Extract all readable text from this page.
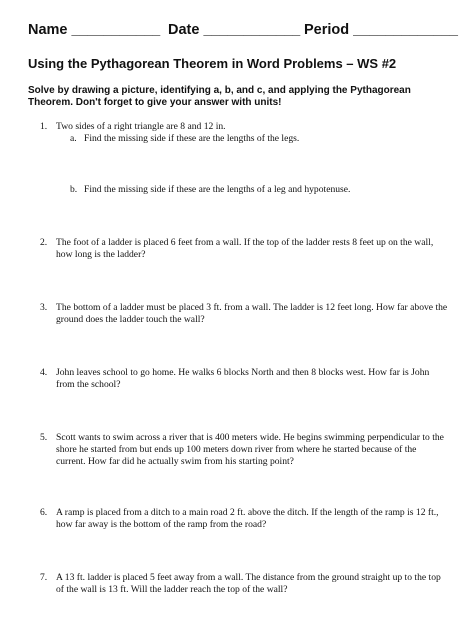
Name ___________ Date ____________ Period _____________
Using the Pythagorean Theorem in Word Problems – WS #2
Solve by drawing a picture, identifying a, b, and c, and applying the Pythagorean Theorem. Don't forget to give your answer with units!
1. Two sides of a right triangle are 8 and 12 in.
a. Find the missing side if these are the lengths of the legs.
b. Find the missing side if these are the lengths of a leg and hypotenuse.
2. The foot of a ladder is placed 6 feet from a wall. If the top of the ladder rests 8 feet up on the wall, how long is the ladder?
3. The bottom of a ladder must be placed 3 ft. from a wall. The ladder is 12 feet long. How far above the ground does the ladder touch the wall?
4. John leaves school to go home. He walks 6 blocks North and then 8 blocks west. How far is John from the school?
5. Scott wants to swim across a river that is 400 meters wide. He begins swimming perpendicular to the shore he started from but ends up 100 meters down river from where he started because of the current. How far did he actually swim from his starting point?
6. A ramp is placed from a ditch to a main road 2 ft. above the ditch. If the length of the ramp is 12 ft., how far away is the bottom of the ramp from the road?
7. A 13 ft. ladder is placed 5 feet away from a wall. The distance from the ground straight up to the top of the wall is 13 ft. Will the ladder reach the top of the wall?
